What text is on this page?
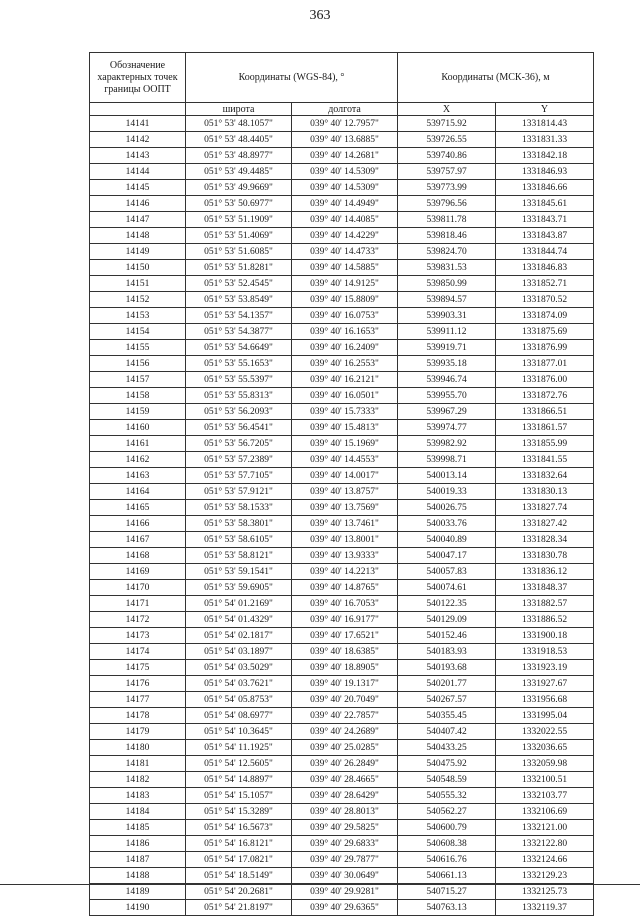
363
Обозначение характерных точек границы ООПТ	Координаты (WGS-84), °		Координаты (МСК-36), м	
	широта	долгота	X	Y
14141	051° 53' 48.1057"	039° 40' 12.7957"	539715.92	1331814.43
14142	051° 53' 48.4405"	039° 40' 13.6885"	539726.55	1331831.33
14143	051° 53' 48.8977"	039° 40' 14.2681"	539740.86	1331842.18
14144	051° 53' 49.4485"	039° 40' 14.5309"	539757.97	1331846.93
14145	051° 53' 49.9669"	039° 40' 14.5309"	539773.99	1331846.66
14146	051° 53' 50.6977"	039° 40' 14.4949"	539796.56	1331845.61
14147	051° 53' 51.1909"	039° 40' 14.4085"	539811.78	1331843.71
14148	051° 53' 51.4069"	039° 40' 14.4229"	539818.46	1331843.87
14149	051° 53' 51.6085"	039° 40' 14.4733"	539824.70	1331844.74
14150	051° 53' 51.8281"	039° 40' 14.5885"	539831.53	1331846.83
14151	051° 53' 52.4545"	039° 40' 14.9125"	539850.99	1331852.71
14152	051° 53' 53.8549"	039° 40' 15.8809"	539894.57	1331870.52
14153	051° 53' 54.1357"	039° 40' 16.0753"	539903.31	1331874.09
14154	051° 53' 54.3877"	039° 40' 16.1653"	539911.12	1331875.69
14155	051° 53' 54.6649"	039° 40' 16.2409"	539919.71	1331876.99
14156	051° 53' 55.1653"	039° 40' 16.2553"	539935.18	1331877.01
14157	051° 53' 55.5397"	039° 40' 16.2121"	539946.74	1331876.00
14158	051° 53' 55.8313"	039° 40' 16.0501"	539955.70	1331872.76
14159	051° 53' 56.2093"	039° 40' 15.7333"	539967.29	1331866.51
14160	051° 53' 56.4541"	039° 40' 15.4813"	539974.77	1331861.57
14161	051° 53' 56.7205"	039° 40' 15.1969"	539982.92	1331855.99
14162	051° 53' 57.2389"	039° 40' 14.4553"	539998.71	1331841.55
14163	051° 53' 57.7105"	039° 40' 14.0017"	540013.14	1331832.64
14164	051° 53' 57.9121"	039° 40' 13.8757"	540019.33	1331830.13
14165	051° 53' 58.1533"	039° 40' 13.7569"	540026.75	1331827.74
14166	051° 53' 58.3801"	039° 40' 13.7461"	540033.76	1331827.42
14167	051° 53' 58.6105"	039° 40' 13.8001"	540040.89	1331828.34
14168	051° 53' 58.8121"	039° 40' 13.9333"	540047.17	1331830.78
14169	051° 53' 59.1541"	039° 40' 14.2213"	540057.83	1331836.12
14170	051° 53' 59.6905"	039° 40' 14.8765"	540074.61	1331848.37
14171	051° 54' 01.2169"	039° 40' 16.7053"	540122.35	1331882.57
14172	051° 54' 01.4329"	039° 40' 16.9177"	540129.09	1331886.52
14173	051° 54' 02.1817"	039° 40' 17.6521"	540152.46	1331900.18
14174	051° 54' 03.1897"	039° 40' 18.6385"	540183.93	1331918.53
14175	051° 54' 03.5029"	039° 40' 18.8905"	540193.68	1331923.19
14176	051° 54' 03.7621"	039° 40' 19.1317"	540201.77	1331927.67
14177	051° 54' 05.8753"	039° 40' 20.7049"	540267.57	1331956.68
14178	051° 54' 08.6977"	039° 40' 22.7857"	540355.45	1331995.04
14179	051° 54' 10.3645"	039° 40' 24.2689"	540407.42	1332022.55
14180	051° 54' 11.1925"	039° 40' 25.0285"	540433.25	1332036.65
14181	051° 54' 12.5605"	039° 40' 26.2849"	540475.92	1332059.98
14182	051° 54' 14.8897"	039° 40' 28.4665"	540548.59	1332100.51
14183	051° 54' 15.1057"	039° 40' 28.6429"	540555.32	1332103.77
14184	051° 54' 15.3289"	039° 40' 28.8013"	540562.27	1332106.69
14185	051° 54' 16.5673"	039° 40' 29.5825"	540600.79	1332121.00
14186	051° 54' 16.8121"	039° 40' 29.6833"	540608.38	1332122.80
14187	051° 54' 17.0821"	039° 40' 29.7877"	540616.76	1332124.66
14188	051° 54' 18.5149"	039° 40' 30.0649"	540661.13	1332129.23
14189	051° 54' 20.2681"	039° 40' 29.9281"	540715.27	1332125.73
14190	051° 54' 21.8197"	039° 40' 29.6365"	540763.13	1332119.37
